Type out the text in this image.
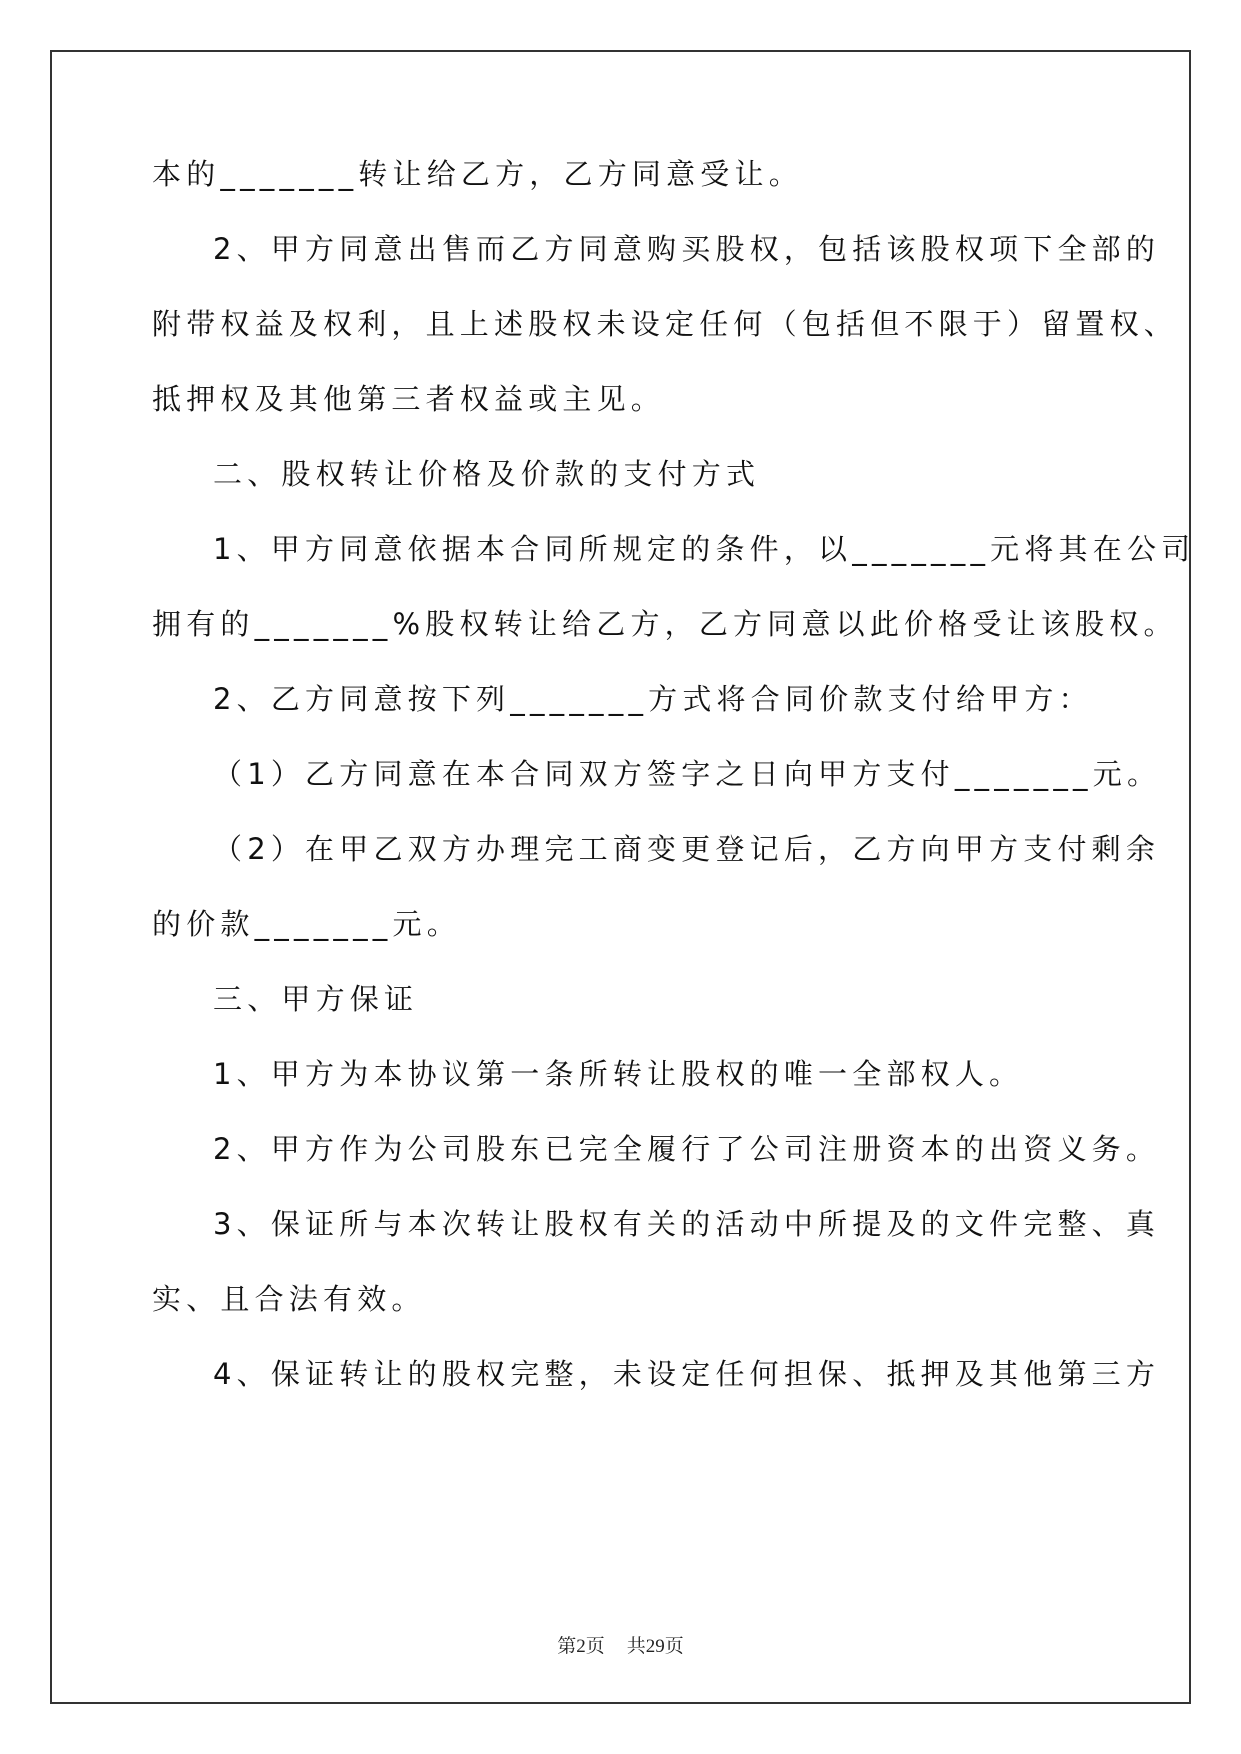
本的_______转让给乙方，乙方同意受让。

2、甲方同意出售而乙方同意购买股权，包括该股权项下全部的

附带权益及权利，且上述股权未设定任何（包括但不限于）留置权、

抵押权及其他第三者权益或主见。

二、股权转让价格及价款的支付方式

1、甲方同意依据本合同所规定的条件，以_______元将其在公司

拥有的_______%股权转让给乙方，乙方同意以此价格受让该股权。

2、乙方同意按下列_______方式将合同价款支付给甲方：

（1）乙方同意在本合同双方签字之日向甲方支付_______元。

（2）在甲乙双方办理完工商变更登记后，乙方向甲方支付剩余

的价款_______元。

三、甲方保证

1、甲方为本协议第一条所转让股权的唯一全部权人。

2、甲方作为公司股东已完全履行了公司注册资本的出资义务。

3、保证所与本次转让股权有关的活动中所提及的文件完整、真

实、且合法有效。

4、保证转让的股权完整，未设定任何担保、抵押及其他第三方

第2页 共29页
